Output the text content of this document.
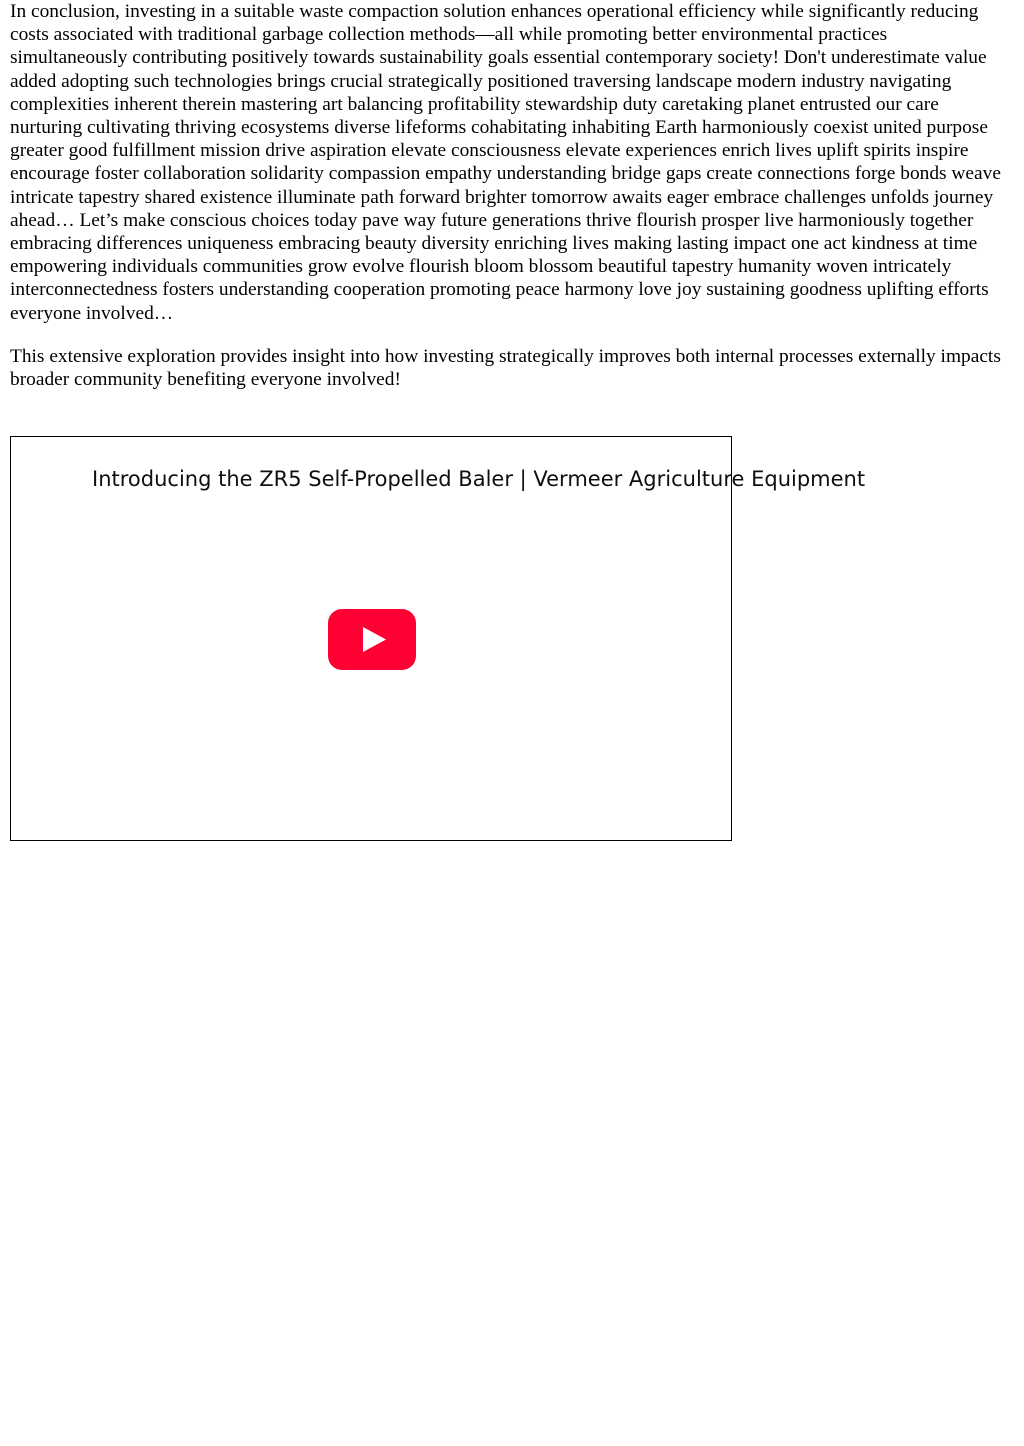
In conclusion, investing in a suitable waste compaction solution enhances operational efficiency while significantly reducing costs associated with traditional garbage collection methods—all while promoting better environmental practices simultaneously contributing positively towards sustainability goals essential contemporary society! Don't underestimate value added adopting such technologies brings crucial strategically positioned traversing landscape modern industry navigating complexities inherent therein mastering art balancing profitability stewardship duty caretaking planet entrusted our care nurturing cultivating thriving ecosystems diverse lifeforms cohabitating inhabiting Earth harmoniously coexist united purpose greater good fulfillment mission drive aspiration elevate consciousness elevate experiences enrich lives uplift spirits inspire encourage foster collaboration solidarity compassion empathy understanding bridge gaps create connections forge bonds weave intricate tapestry shared existence illuminate path forward brighter tomorrow awaits eager embrace challenges unfolds journey ahead… Let’s make conscious choices today pave way future generations thrive flourish prosper live harmoniously together embracing differences uniqueness embracing beauty diversity enriching lives making lasting impact one act kindness at time empowering individuals communities grow evolve flourish bloom blossom beautiful tapestry humanity woven intricately interconnectedness fosters understanding cooperation promoting peace harmony love joy sustaining goodness uplifting efforts everyone involved…

This extensive exploration provides insight into how investing strategically improves both internal processes externally impacts broader community benefiting everyone involved!

Introducing the ZR5 Self-Propelled Baler | Vermeer Agriculture Equipment
